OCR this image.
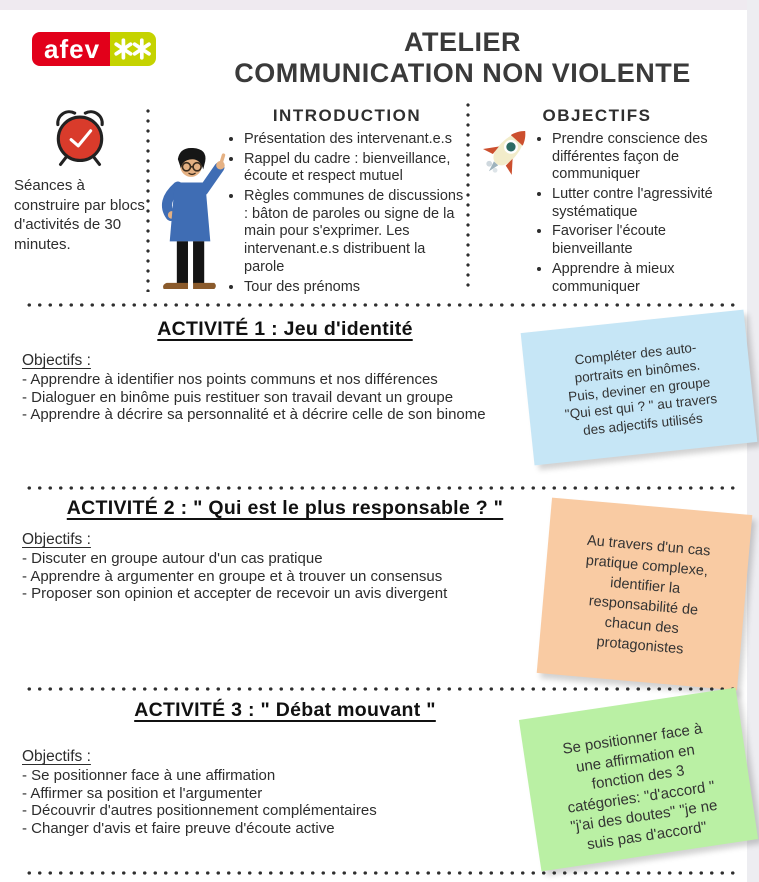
afev	ATELIER
COMMUNICATION NON VIOLENTE

Séances à construire par blocs d'activités de 30 minutes.

INTRODUCTION
• Présentation des intervenant.e.s
• Rappel du cadre : bienveillance, écoute et respect mutuel
• Règles communes de discussions : bâton de paroles ou signe de la main pour s'exprimer. Les intervenant.e.s distribuent la parole
• Tour des prénoms
OBJECTIFS
• Prendre conscience des différentes façon de communiquer
• Lutter contre l'agressivité systématique
• Favoriser l'écoute bienveillante
• Apprendre à mieux communiquer
ACTIVITÉ 1 : Jeu d'identité

Objectifs :

- Apprendre à identifier nos points communs et nos différences

- Dialoguer en binôme puis restituer son travail devant un groupe

- Apprendre à décrire sa personnalité et à décrire celle de son binome

Compléter des auto-
portraits en binômes.
Puis, deviner en groupe
"Qui est qui ? " au travers
des adjectifs utilisés
ACTIVITÉ 2 : " Qui est le plus responsable ? "

Objectifs :

- Discuter en groupe autour d'un cas pratique

- Apprendre à argumenter en groupe et à trouver un consensus

- Proposer son opinion et accepter de recevoir un avis divergent

Au travers d'un cas
pratique complexe,
identifier la
responsabilité de
chacun des
protagonistes
ACTIVITÉ 3 : " Débat mouvant "

Objectifs :

- Se positionner face à une affirmation

- Affirmer sa position et l'argumenter

- Découvrir d'autres positionnement complémentaires

- Changer d'avis et faire preuve d'écoute active

Se positionner face à
une affirmation en
fonction des 3
catégories: "d'accord "
"j'ai des doutes" "je ne
suis pas d'accord"
